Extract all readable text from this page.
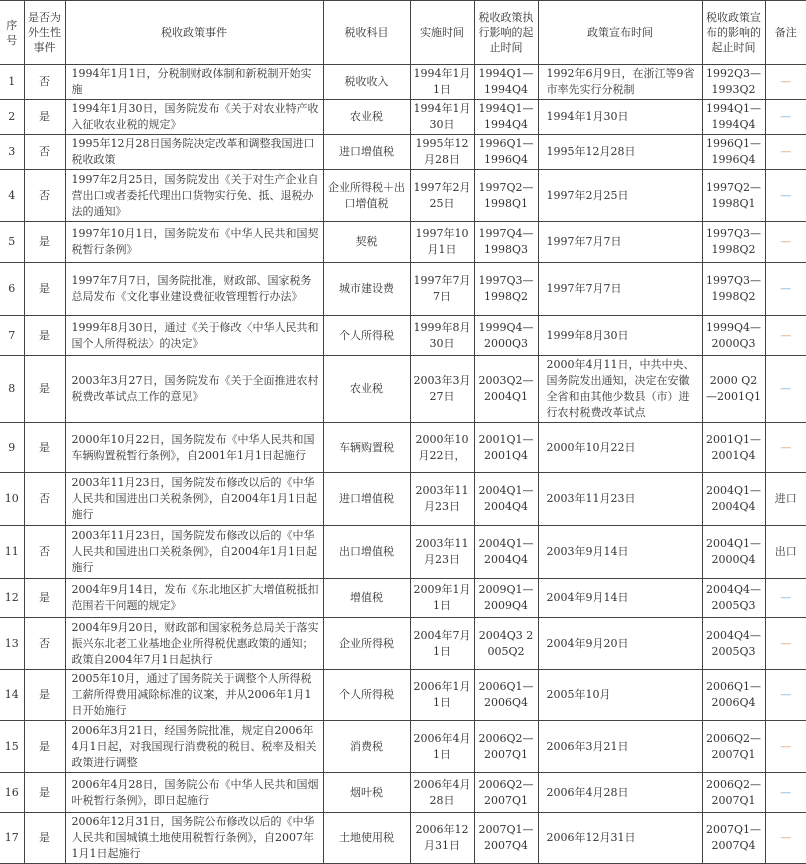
序号	是否为外生性事件	税收政策事件	税收科目	实施时间	税收政策执行影响的起止时间	政策宣布时间	税收政策宣布的影响的起止时间	备注
1	否	1994年1月1日，分税制财政体制和新税制开始实施	税收收入	1994年1月1日	1994Q1—1994Q4	1992年6月9日，在浙江等9省市率先实行分税制	1992Q3—1993Q2	—
2	是	1994年1月30日，国务院发布《关于对农业特产收入征收农业税的规定》	农业税	1994年1月30日	1994Q1—1994Q4	1994年1月30日	1994Q1—1994Q4	—
3	否	1995年12月28日国务院决定改革和调整我国进口税收政策	进口增值税	1995年12月28日	1996Q1—1996Q4	1995年12月28日	1996Q1—1996Q4	—
4	否	1997年2月25日，国务院发出《关于对生产企业自营出口或者委托代理出口货物实行免、抵、退税办法的通知》	企业所得税＋出口增值税	1997年2月25日	1997Q2—1998Q1	1997年2月25日	1997Q2—1998Q1	—
5	是	1997年10月1日，国务院发布《中华人民共和国契税暂行条例》	契税	1997年10月1日	1997Q4—1998Q3	1997年7月7日	1997Q3—1998Q2	—
6	是	1997年7月7日，国务院批准，财政部、国家税务总局发布《文化事业建设费征收管理暂行办法》	城市建设费	1997年7月7日	1997Q3—1998Q2	1997年7月7日	1997Q3—1998Q2	—
7	是	1999年8月30日，通过《关于修改〈中华人民共和国个人所得税法〉的决定》	个人所得税	1999年8月30日	1999Q4—2000Q3	1999年8月30日	1999Q4—2000Q3	—
8	是	2003年3月27日，国务院发布《关于全面推进农村税费改革试点工作的意见》	农业税	2003年3月27日	2003Q2—2004Q1	2000年4月11日，中共中央、国务院发出通知，决定在安徽全省和由其他少数县（市）进行农村税费改革试点	2000 Q2—2001Q1	—
9	是	2000年10月22日，国务院发布《中华人民共和国车辆购置税暂行条例》，自2001年1月1日起施行	车辆购置税	2000年10月22日，	2001Q1—2001Q4	2000年10月22日	2001Q1—2001Q4	—
10	否	2003年11月23日，国务院发布修改以后的《中华人民共和国进出口关税条例》，自2004年1月1日起施行	进口增值税	2003年11月23日	2004Q1—2004Q4	2003年11月23日	2004Q1—2004Q4	进口
11	否	2003年11月23日，国务院发布修改以后的《中华人民共和国进出口关税条例》，自2004年1月1日起施行	出口增值税	2003年11月23日	2004Q1—2004Q4	2003年9月14日	2004Q1—2000Q4	出口
12	是	2004年9月14日，发布《东北地区扩大增值税抵扣范围若干问题的规定》	增值税	2009年1月1日	2009Q1—2009Q4	2004年9月14日	2004Q4—2005Q3	—
13	否	2004年9月20日，财政部和国家税务总局关于落实振兴东北老工业基地企业所得税优惠政策的通知；政策自2004年7月1日起执行	企业所得税	2004年7月1日	2004Q3 2005Q2	2004年9月20日	2004Q4—2005Q3	—
14	是	2005年10月，通过了国务院关于调整个人所得税工薪所得费用减除标准的议案，并从2006年1月1日开始施行	个人所得税	2006年1月1日	2006Q1—2006Q4	2005年10月	2006Q1—2006Q4	—
15	是	2006年3月21日，经国务院批准，规定自2006年4月1日起，对我国现行消费税的税目、税率及相关政策进行调整	消费税	2006年4月1日	2006Q2—2007Q1	2006年3月21日	2006Q2—2007Q1	—
16	是	2006年4月28日，国务院公布《中华人民共和国烟叶税暂行条例》，即日起施行	烟叶税	2006年4月28日	2006Q2—2007Q1	2006年4月28日	2006Q2—2007Q1	—
17	是	2006年12月31日，国务院公布修改以后的《中华人民共和国城镇土地使用税暂行条例》，自2007年1月1日起施行	土地使用税	2006年12月31日	2007Q1—2007Q4	2006年12月31日	2007Q1—2007Q4	—
